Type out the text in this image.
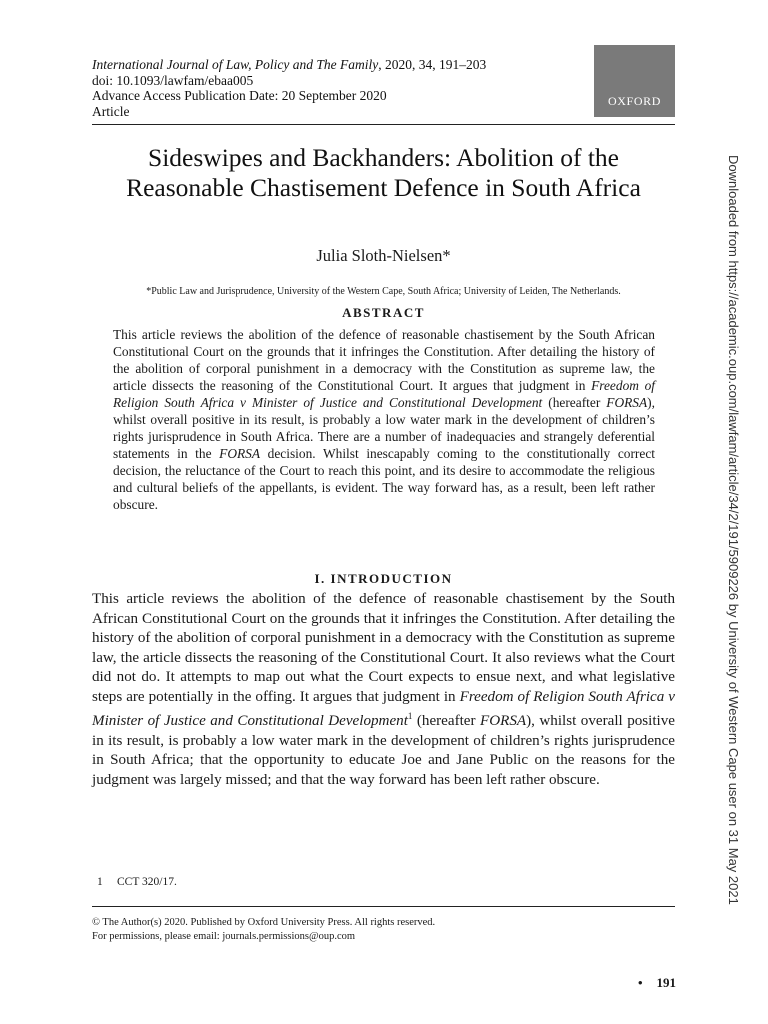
International Journal of Law, Policy and The Family, 2020, 34, 191–203
doi: 10.1093/lawfam/ebaa005
Advance Access Publication Date: 20 September 2020
Article
OXFORD
Sideswipes and Backhanders: Abolition of the Reasonable Chastisement Defence in South Africa
Julia Sloth-Nielsen*
*Public Law and Jurisprudence, University of the Western Cape, South Africa; University of Leiden, The Netherlands.
ABSTRACT
This article reviews the abolition of the defence of reasonable chastisement by the South African Constitutional Court on the grounds that it infringes the Constitution. After detailing the history of the abolition of corporal punishment in a democracy with the Constitution as supreme law, the article dissects the reasoning of the Constitutional Court. It argues that judgment in Freedom of Religion South Africa v Minister of Justice and Constitutional Development (hereafter FORSA), whilst overall positive in its result, is probably a low water mark in the development of children’s rights jurisprudence in South Africa. There are a number of inadequacies and strangely deferential statements in the FORSA decision. Whilst inescapably coming to the constitutionally correct decision, the reluctance of the Court to reach this point, and its desire to accommodate the religious and cultural beliefs of the appellants, is evident. The way forward has, as a result, been left rather obscure.
I. INTRODUCTION
This article reviews the abolition of the defence of reasonable chastisement by the South African Constitutional Court on the grounds that it infringes the Constitution. After detailing the history of the abolition of corporal punishment in a democracy with the Constitution as supreme law, the article dissects the reasoning of the Constitutional Court. It also reviews what the Court did not do. It attempts to map out what the Court expects to ensue next, and what legislative steps are potentially in the offing. It argues that judgment in Freedom of Religion South Africa v Minister of Justice and Constitutional Development$^1$ (hereafter FORSA), whilst overall positive in its result, is probably a low water mark in the development of children’s rights jurisprudence in South Africa; that the opportunity to educate Joe and Jane Public on the reasons for the judgment was largely missed; and that the way forward has been left rather obscure.
1 CCT 320/17.
© The Author(s) 2020. Published by Oxford University Press. All rights reserved.
For permissions, please email: journals.permissions@oup.com
• 191
Downloaded from https://academic.oup.com/lawfam/article/34/2/191/5909226 by University of Western Cape user on 31 May 2021
